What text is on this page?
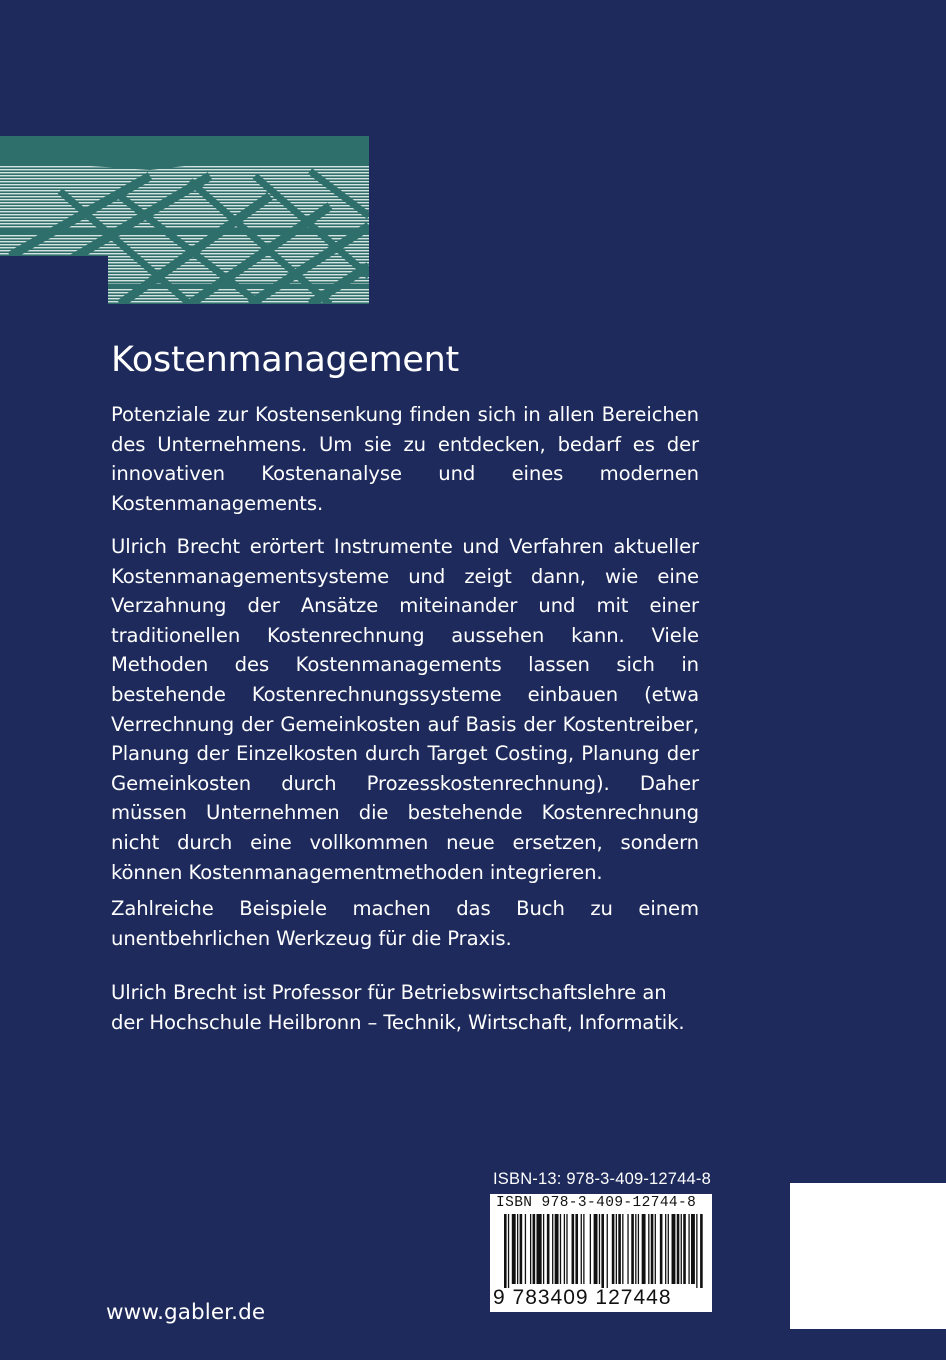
Kostenmanagement

Potenziale zur Kostensenkung finden sich in allen Bereichen des Unternehmens. Um sie zu entdecken, bedarf es der innovativen Kostenanalyse und eines modernen Kostenmanagements.

Ulrich Brecht erörtert Instrumente und Verfahren aktueller Kostenmanagementsysteme und zeigt dann, wie eine Verzahnung der Ansätze miteinander und mit einer traditionellen Kostenrechnung aussehen kann. Viele Methoden des Kostenmanagements lassen sich in bestehende Kostenrechnungssysteme einbauen (etwa Verrechnung der Gemeinkosten auf Basis der Kostentreiber, Planung der Einzelkosten durch Target Costing, Planung der Gemeinkosten durch Prozesskostenrechnung). Daher müssen Unternehmen die bestehende Kostenrechnung nicht durch eine vollkommen neue ersetzen, sondern können Kostenmanagementmethoden integrieren.

Zahlreiche Beispiele machen das Buch zu einem unentbehrlichen Werkzeug für die Praxis.

Ulrich Brecht ist Professor für Betriebswirtschaftslehre an der Hochschule Heilbronn – Technik, Wirtschaft, Informatik.

ISBN-13: 978-3-409-12744-8
ISBN 978-3-409-12744-8
9 783409 127448
www.gabler.de
